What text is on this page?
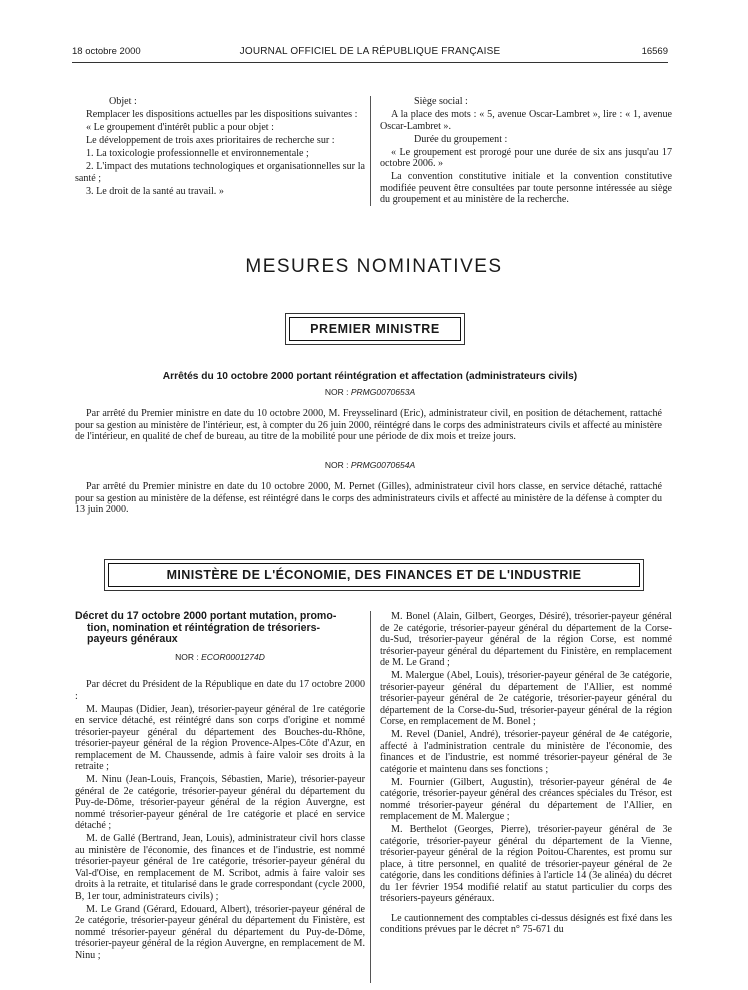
18 octobre 2000	JOURNAL OFFICIEL DE LA RÉPUBLIQUE FRANÇAISE	16569

Objet :

Remplacer les dispositions actuelles par les dispositions suivantes :

« Le groupement d'intérêt public a pour objet :

Le développement de trois axes prioritaires de recherche sur :

1. La toxicologie professionnelle et environnementale ;

2. L'impact des mutations technologiques et organisationnelles sur la santé ;

3. Le droit de la santé au travail. »

Siège social :

A la place des mots : « 5, avenue Oscar-Lambret », lire : « 1, avenue Oscar-Lambret ».

Durée du groupement :

« Le groupement est prorogé pour une durée de six ans jusqu'au 17 octobre 2006. »

La convention constitutive initiale et la convention constitutive modifiée peuvent être consultées par toute personne intéressée au siège du groupement et au ministère de la recherche.

MESURES NOMINATIVES
PREMIER MINISTRE
Arrêtés du 10 octobre 2000 portant réintégration et affectation (administrateurs civils)
NOR : PRMG0070653A
Par arrêté du Premier ministre en date du 10 octobre 2000, M. Freysselinard (Eric), administrateur civil, en position de détachement, rattaché pour sa gestion au ministère de l'intérieur, est, à compter du 26 juin 2000, réintégré dans le corps des administrateurs civils et affecté au ministère de l'intérieur, en qualité de chef de bureau, au titre de la mobilité pour une période de dix mois et treize jours.
NOR : PRMG0070654A
Par arrêté du Premier ministre en date du 10 octobre 2000, M. Pernet (Gilles), administrateur civil hors classe, en service détaché, rattaché pour sa gestion au ministère de la défense, est réintégré dans le corps des administrateurs civils et affecté au ministère de la défense à compter du 13 juin 2000.
MINISTÈRE DE L'ÉCONOMIE, DES FINANCES ET DE L'INDUSTRIE
Décret du 17 octobre 2000 portant mutation, promo-
tion, nomination et réintégration de trésoriers-
payeurs généraux
NOR : ECOR0001274D

Par décret du Président de la République en date du 17 octobre 2000 :

M. Maupas (Didier, Jean), trésorier-payeur général de 1re catégorie en service détaché, est réintégré dans son corps d'origine et nommé trésorier-payeur général du département des Bouches-du-Rhône, trésorier-payeur général de la région Provence-Alpes-Côte d'Azur, en remplacement de M. Chaussende, admis à faire valoir ses droits à la retraite ;

M. Ninu (Jean-Louis, François, Sébastien, Marie), trésorier-payeur général de 2e catégorie, trésorier-payeur général du département du Puy-de-Dôme, trésorier-payeur général de la région Auvergne, est nommé trésorier-payeur général de 1re catégorie et placé en service détaché ;

M. de Gallé (Bertrand, Jean, Louis), administrateur civil hors classe au ministère de l'économie, des finances et de l'industrie, est nommé trésorier-payeur général de 1re catégorie, trésorier-payeur général du Val-d'Oise, en remplacement de M. Scribot, admis à faire valoir ses droits à la retraite, et titularisé dans le grade correspondant (cycle 2000, B, 1er tour, administrateurs civils) ;

M. Le Grand (Gérard, Edouard, Albert), trésorier-payeur général de 2e catégorie, trésorier-payeur général du département du Finistère, est nommé trésorier-payeur général du département du Puy-de-Dôme, trésorier-payeur général de la région Auvergne, en remplacement de M. Ninu ;

M. Bonel (Alain, Gilbert, Georges, Désiré), trésorier-payeur général de 2e catégorie, trésorier-payeur général du département de la Corse-du-Sud, trésorier-payeur général de la région Corse, est nommé trésorier-payeur général du département du Finistère, en remplacement de M. Le Grand ;

M. Malergue (Abel, Louis), trésorier-payeur général de 3e catégorie, trésorier-payeur général du département de l'Allier, est nommé trésorier-payeur général de 2e catégorie, trésorier-payeur général du département de la Corse-du-Sud, trésorier-payeur général de la région Corse, en remplacement de M. Bonel ;

M. Revel (Daniel, André), trésorier-payeur général de 4e catégorie, affecté à l'administration centrale du ministère de l'économie, des finances et de l'industrie, est nommé trésorier-payeur général de 3e catégorie et maintenu dans ses fonctions ;

M. Fournier (Gilbert, Augustin), trésorier-payeur général de 4e catégorie, trésorier-payeur général des créances spéciales du Trésor, est nommé trésorier-payeur général du département de l'Allier, en remplacement de M. Malergue ;

M. Berthelot (Georges, Pierre), trésorier-payeur général de 3e catégorie, trésorier-payeur général du département de la Vienne, trésorier-payeur général de la région Poitou-Charentes, est promu sur place, à titre personnel, en qualité de trésorier-payeur général de 2e catégorie, dans les conditions définies à l'article 14 (3e alinéa) du décret du 1er février 1954 modifié relatif au statut particulier du corps des trésoriers-payeurs généraux.

Le cautionnement des comptables ci-dessus désignés est fixé dans les conditions prévues par le décret n° 75-671 du
